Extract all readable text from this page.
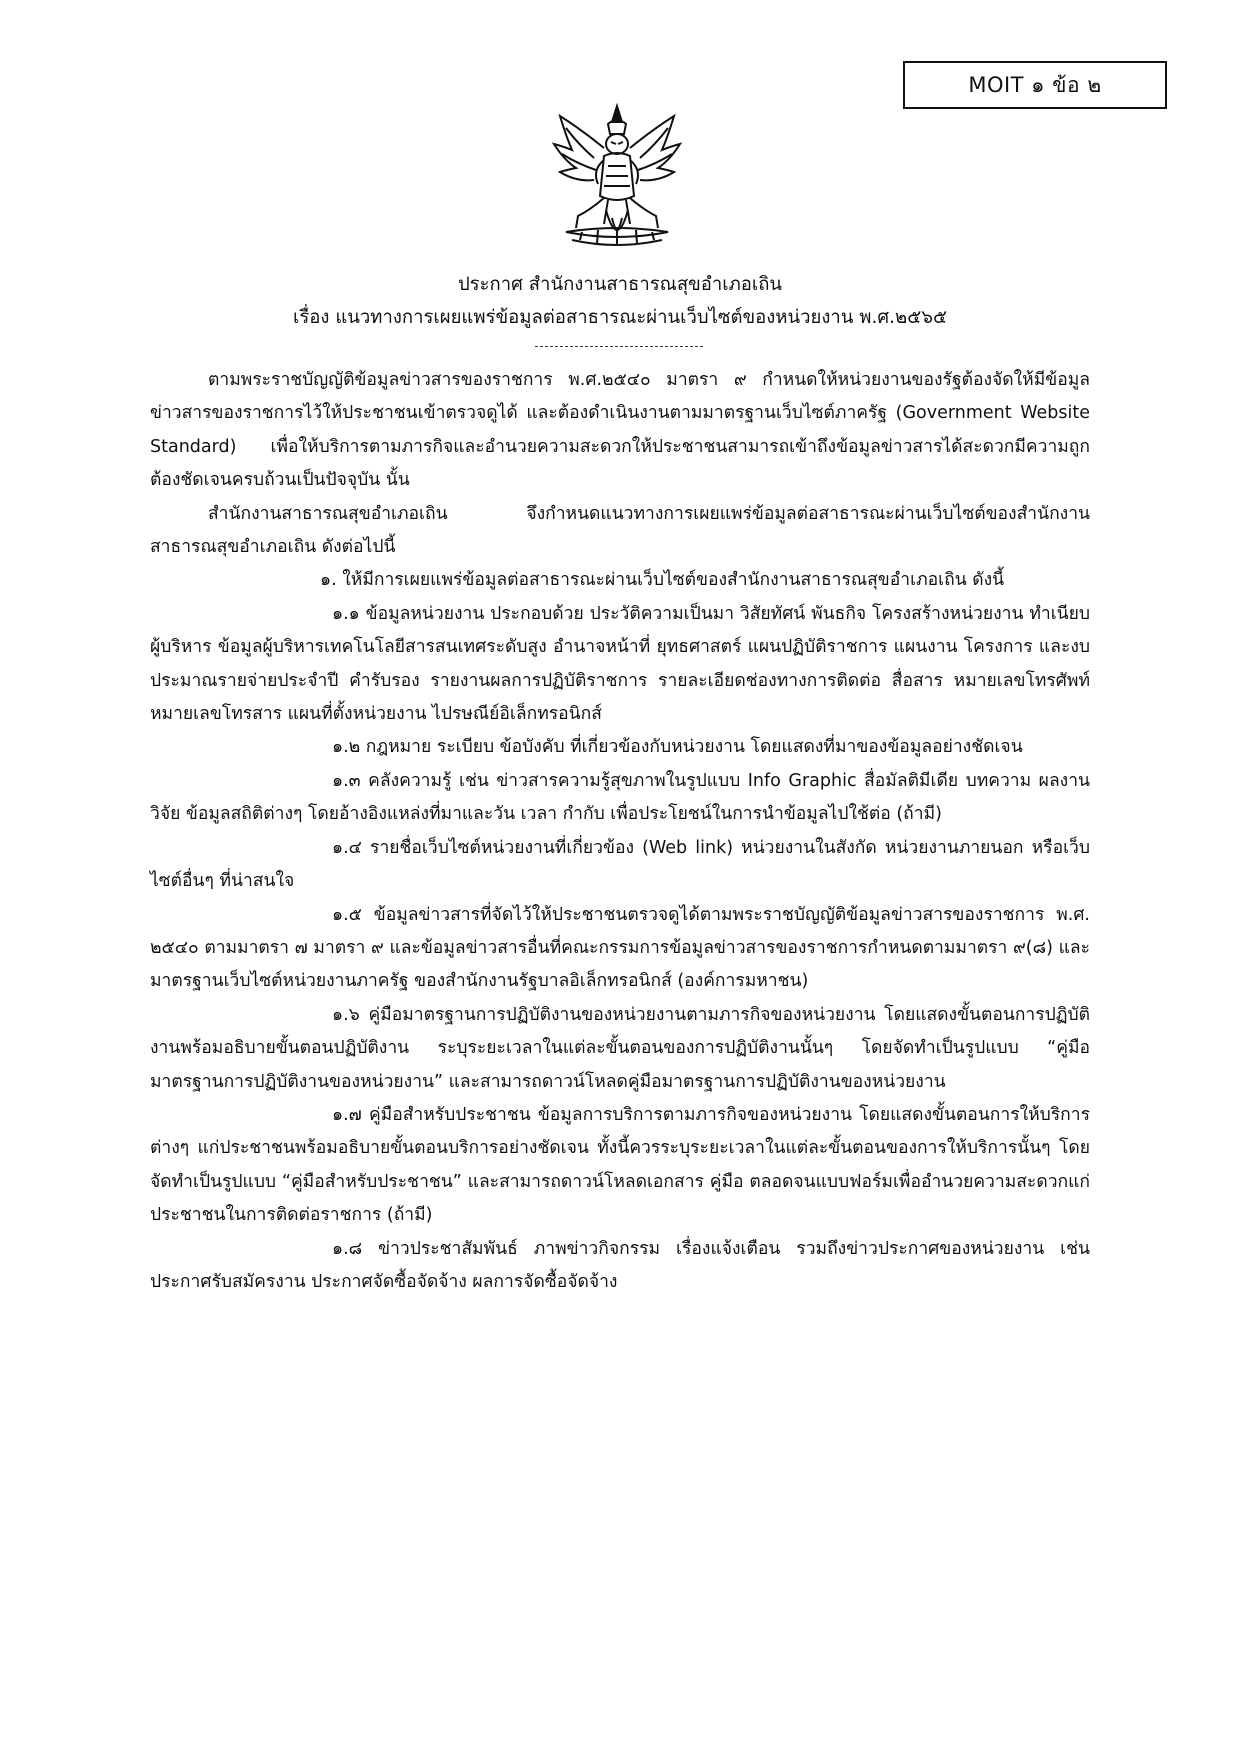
MOIT ๑ ข้อ ๒
ประกาศ สำนักงานสาธารณสุขอำเภอเถิน
เรื่อง แนวทางการเผยแพร่ข้อมูลต่อสาธารณะผ่านเว็บไซต์ของหน่วยงาน พ.ศ.๒๕๖๕

ตามพระราชบัญญัติข้อมูลข่าวสารของราชการ พ.ศ.๒๕๔๐ มาตรา ๙ กำหนดให้หน่วยงานของรัฐต้องจัดให้มีข้อมูลข่าวสารของราชการไว้ให้ประชาชนเข้าตรวจดูได้ และต้องดำเนินงานตามมาตรฐานเว็บไซต์ภาครัฐ (Government Website Standard) เพื่อให้บริการตามภารกิจและอำนวยความสะดวกให้ประชาชนสามารถเข้าถึงข้อมูลข่าวสารได้สะดวกมีความถูกต้องชัดเจนครบถ้วนเป็นปัจจุบัน นั้น

สำนักงานสาธารณสุขอำเภอเถิน จึงกำหนดแนวทางการเผยแพร่ข้อมูลต่อสาธารณะผ่านเว็บไซต์ของสำนักงานสาธารณสุขอำเภอเถิน ดังต่อไปนี้

๑. ให้มีการเผยแพร่ข้อมูลต่อสาธารณะผ่านเว็บไซต์ของสำนักงานสาธารณสุขอำเภอเถิน ดังนี้

๑.๑ ข้อมูลหน่วยงาน ประกอบด้วย ประวัติความเป็นมา วิสัยทัศน์ พันธกิจ โครงสร้างหน่วยงาน ทำเนียบผู้บริหาร ข้อมูลผู้บริหารเทคโนโลยีสารสนเทศระดับสูง อำนาจหน้าที่ ยุทธศาสตร์ แผนปฏิบัติราชการ แผนงาน โครงการ และงบประมาณรายจ่ายประจำปี คำรับรอง รายงานผลการปฏิบัติราชการ รายละเอียดช่องทางการติดต่อ สื่อสาร หมายเลขโทรศัพท์ หมายเลขโทรสาร แผนที่ตั้งหน่วยงาน ไปรษณีย์อิเล็กทรอนิกส์

๑.๒ กฎหมาย ระเบียบ ข้อบังคับ ที่เกี่ยวข้องกับหน่วยงาน โดยแสดงที่มาของข้อมูลอย่างชัดเจน

๑.๓ คลังความรู้ เช่น ข่าวสารความรู้สุขภาพในรูปแบบ Info Graphic สื่อมัลติมีเดีย บทความ ผลงานวิจัย ข้อมูลสถิติต่างๆ โดยอ้างอิงแหล่งที่มาและวัน เวลา กำกับ เพื่อประโยชน์ในการนำข้อมูลไปใช้ต่อ (ถ้ามี)

๑.๔ รายชื่อเว็บไซต์หน่วยงานที่เกี่ยวข้อง (Web link) หน่วยงานในสังกัด หน่วยงานภายนอก หรือเว็บไซต์อื่นๆ ที่น่าสนใจ

๑.๕ ข้อมูลข่าวสารที่จัดไว้ให้ประชาชนตรวจดูได้ตามพระราชบัญญัติข้อมูลข่าวสารของราชการ พ.ศ. ๒๕๔๐ ตามมาตรา ๗ มาตรา ๙ และข้อมูลข่าวสารอื่นที่คณะกรรมการข้อมูลข่าวสารของราชการกำหนดตามมาตรา ๙(๘) และมาตรฐานเว็บไซต์หน่วยงานภาครัฐ ของสำนักงานรัฐบาลอิเล็กทรอนิกส์ (องค์การมหาชน)

๑.๖ คู่มือมาตรฐานการปฏิบัติงานของหน่วยงานตามภารกิจของหน่วยงาน โดยแสดงขั้นตอนการปฏิบัติงานพร้อมอธิบายขั้นตอนปฏิบัติงาน ระบุระยะเวลาในแต่ละขั้นตอนของการปฏิบัติงานนั้นๆ โดยจัดทำเป็นรูปแบบ “คู่มือมาตรฐานการปฏิบัติงานของหน่วยงาน” และสามารถดาวน์โหลดคู่มือมาตรฐานการปฏิบัติงานของหน่วยงาน

๑.๗ คู่มือสำหรับประชาชน ข้อมูลการบริการตามภารกิจของหน่วยงาน โดยแสดงขั้นตอนการให้บริการต่างๆ แก่ประชาชนพร้อมอธิบายขั้นตอนบริการอย่างชัดเจน ทั้งนี้ควรระบุระยะเวลาในแต่ละขั้นตอนของการให้บริการนั้นๆ โดยจัดทำเป็นรูปแบบ “คู่มือสำหรับประชาชน” และสามารถดาวน์โหลดเอกสาร คู่มือ ตลอดจนแบบฟอร์มเพื่ออำนวยความสะดวกแก่ประชาชนในการติดต่อราชการ (ถ้ามี)

๑.๘ ข่าวประชาสัมพันธ์ ภาพข่าวกิจกรรม เรื่องแจ้งเตือน รวมถึงข่าวประกาศของหน่วยงาน เช่น ประกาศรับสมัครงาน ประกาศจัดซื้อจัดจ้าง ผลการจัดซื้อจัดจ้าง
